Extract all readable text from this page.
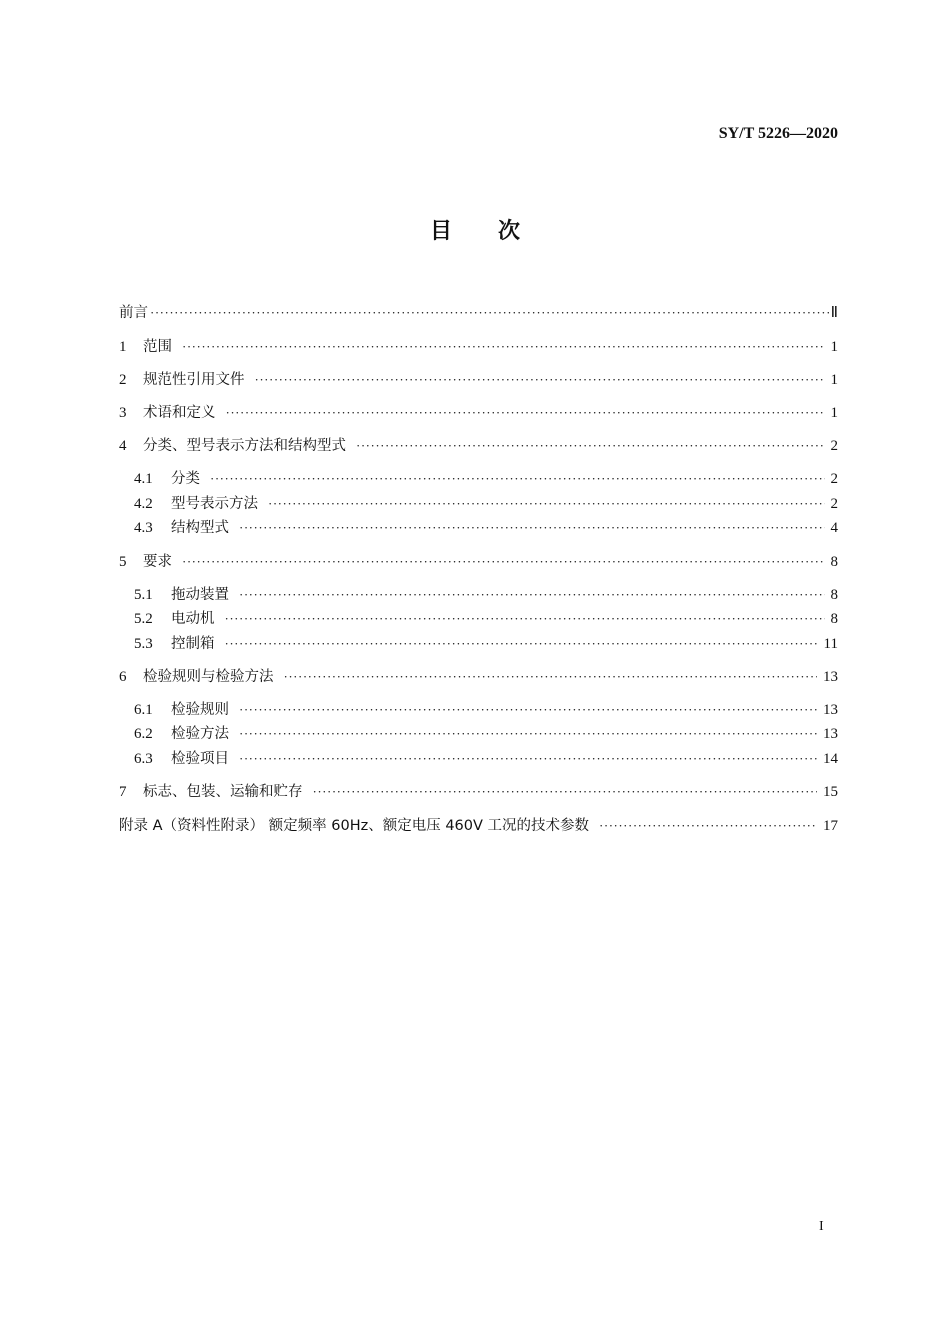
SY/T 5226—2020
目次
前言 ·····	Ⅱ
1	范围 ·····	1
2	规范性引用文件 ·····	1
3	术语和定义 ·····	1
4	分类、型号表示方法和结构型式 ·····	2
4.1	分类 ·····	2
4.2	型号表示方法 ·····	2
4.3	结构型式 ·····	4
5	要求 ·····	8
5.1	拖动装置 ·····	8
5.2	电动机 ·····	8
5.3	控制箱 ·····	11
6	检验规则与检验方法 ·····	13
6.1	检验规则 ·····	13
6.2	检验方法 ·····	13
6.3	检验项目 ·····	14
7	标志、包装、运输和贮存 ·····	15
附录 A（资料性附录） 额定频率 60Hz、额定电压 460V 工况的技术参数 ·····	17
I
